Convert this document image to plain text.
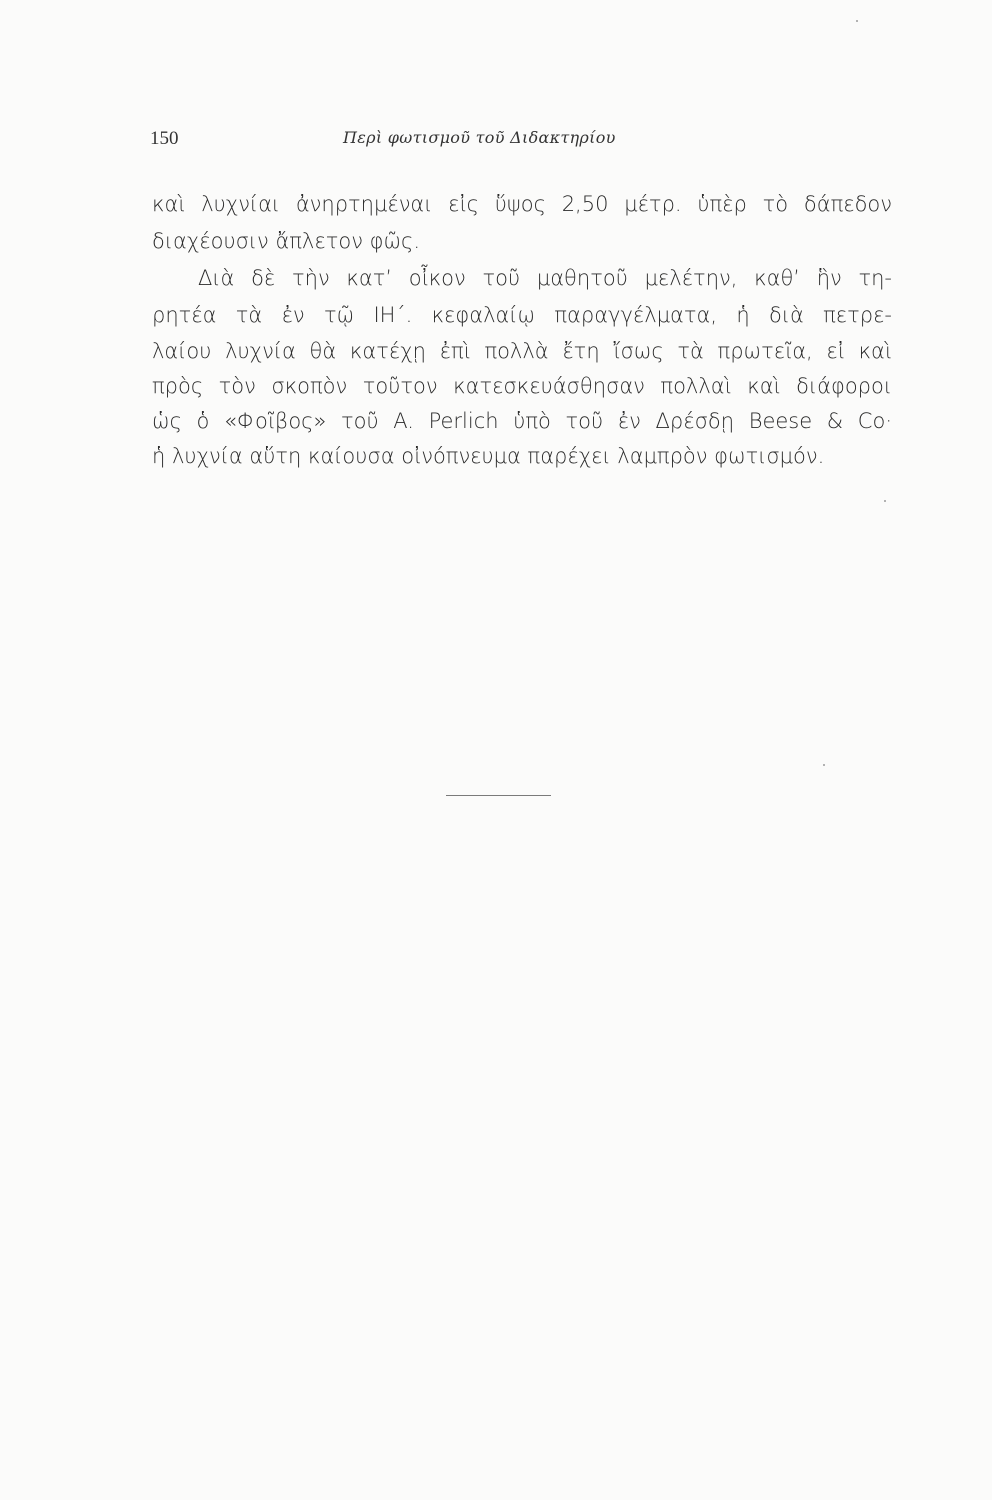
150	Περὶ φωτισμοῦ τοῦ Διδακτηρίου
καὶ λυχνίαι ἀνηρτημέναι εἰς ὕψος 2,50 μέτρ. ὑπὲρ τὸ δάπεδον
διαχέουσιν ἄπλετον φῶς.
Διὰ δὲ τὴν κατ’ οἶκον τοῦ μαθητοῦ μελέτην, καθ’ ἣν τη-
ρητέα τὰ ἐν τῷ ΙΗ΄. κεφαλαίῳ παραγγέλματα, ἡ διὰ πετρε-
λαίου λυχνία θὰ κατέχῃ ἐπὶ πολλὰ ἔτη ἴσως τὰ πρωτεῖα, εἰ καὶ
πρὸς τὸν σκοπὸν τοῦτον κατεσκευάσθησαν πολλαὶ καὶ διάφοροι
ὡς ὁ «Φοῖβος» τοῦ A. Perlich ὑπὸ τοῦ ἐν Δρέσδῃ Beese & Co·
ἡ λυχνία αὕτη καίουσα οἰνόπνευμα παρέχει λαμπρὸν φωτισμόν.
